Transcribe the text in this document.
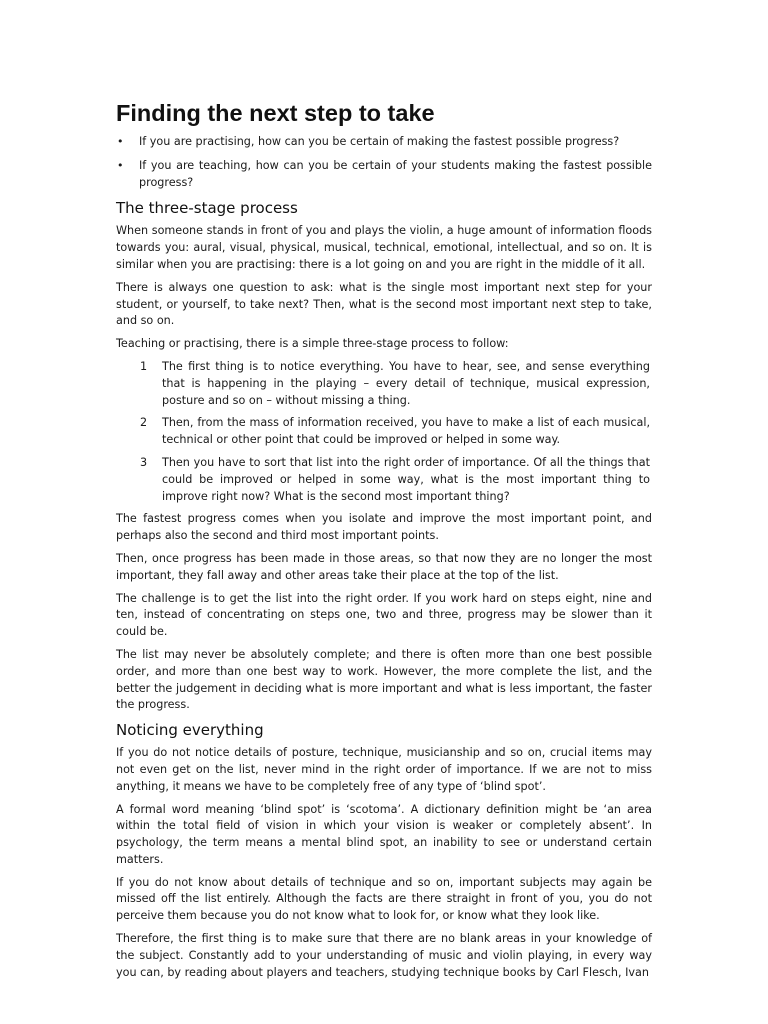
Finding the next step to take
• If you are practising, how can you be certain of making the fastest possible progress?
• If you are teaching, how can you be certain of your students making the fastest possible progress?
The three-stage process

When someone stands in front of you and plays the violin, a huge amount of information floods towards you: aural, visual, physical, musical, technical, emotional, intellectual, and so on. It is similar when you are practising: there is a lot going on and you are right in the middle of it all.

There is always one question to ask: what is the single most important next step for your student, or yourself, to take next? Then, what is the second most important next step to take, and so on.

Teaching or practising, there is a simple three-stage process to follow:

1 The first thing is to notice everything. You have to hear, see, and sense everything that is happening in the playing – every detail of technique, musical expression, posture and so on – without missing a thing.
2 Then, from the mass of information received, you have to make a list of each musical, technical or other point that could be improved or helped in some way.
3 Then you have to sort that list into the right order of importance. Of all the things that could be improved or helped in some way, what is the most important thing to improve right now? What is the second most important thing?

The fastest progress comes when you isolate and improve the most important point, and perhaps also the second and third most important points.

Then, once progress has been made in those areas, so that now they are no longer the most important, they fall away and other areas take their place at the top of the list.

The challenge is to get the list into the right order. If you work hard on steps eight, nine and ten, instead of concentrating on steps one, two and three, progress may be slower than it could be.

The list may never be absolutely complete; and there is often more than one best possible order, and more than one best way to work. However, the more complete the list, and the better the judgement in deciding what is more important and what is less important, the faster the progress.

Noticing everything

If you do not notice details of posture, technique, musicianship and so on, crucial items may not even get on the list, never mind in the right order of importance. If we are not to miss anything, it means we have to be completely free of any type of ‘blind spot’.

A formal word meaning ‘blind spot’ is ‘scotoma’. A dictionary definition might be ‘an area within the total field of vision in which your vision is weaker or completely absent’. In psychology, the term means a mental blind spot, an inability to see or understand certain matters.

If you do not know about details of technique and so on, important subjects may again be missed off the list entirely. Although the facts are there straight in front of you, you do not perceive them because you do not know what to look for, or know what they look like.

Therefore, the first thing is to make sure that there are no blank areas in your knowledge of the subject. Constantly add to your understanding of music and violin playing, in every way you can, by reading about players and teachers, studying technique books by Carl Flesch, Ivan
